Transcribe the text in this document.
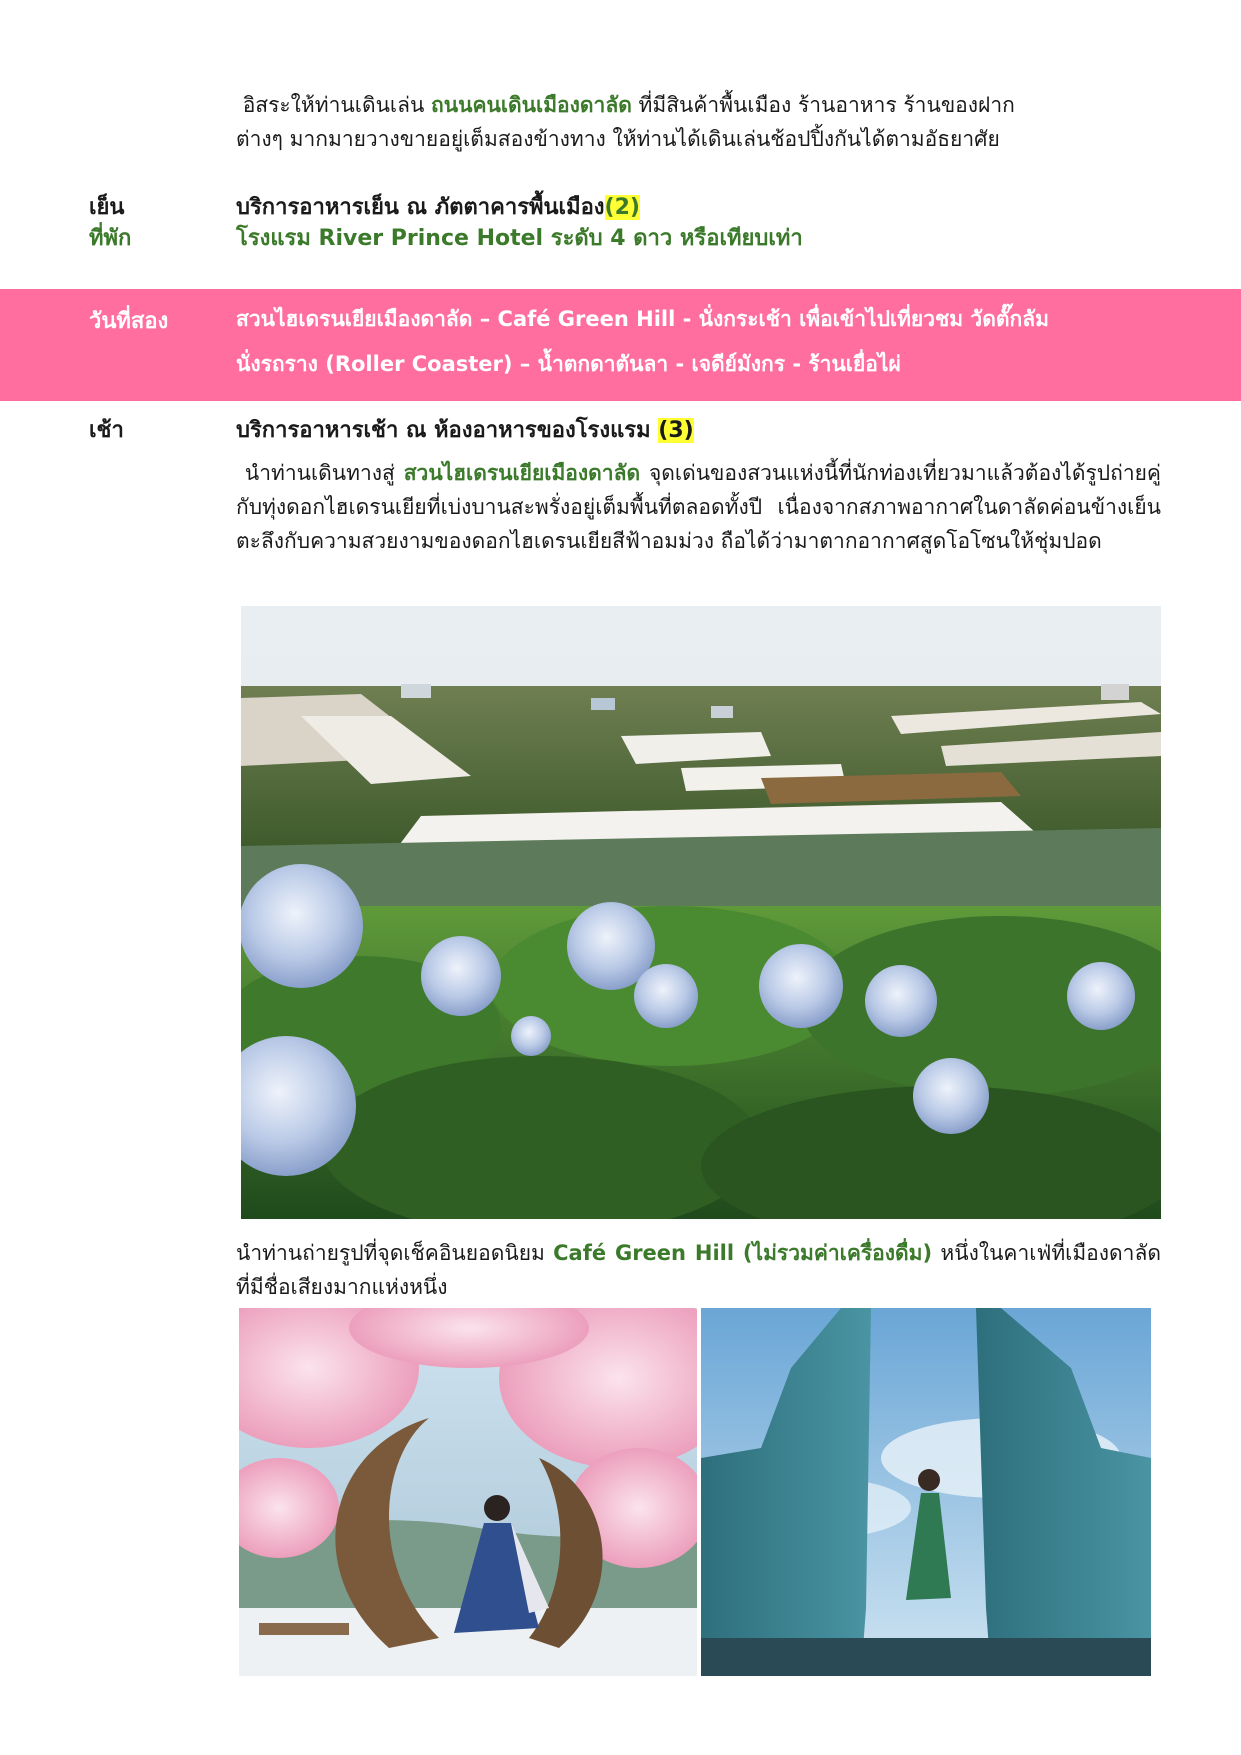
อิสระให้ท่านเดินเล่น ถนนคนเดินเมืองดาลัด ที่มีสินค้าพื้นเมือง ร้านอาหาร ร้านของฝาก
ต่างๆ มากมายวางขายอยู่เต็มสองข้างทาง ให้ท่านได้เดินเล่นช้อปปิ้งกันได้ตามอัธยาศัย
เย็น	บริการอาหารเย็น ณ ภัตตาคารพื้นเมือง(2)
ที่พัก	โรงแรม River Prince Hotel ระดับ 4 ดาว หรือเทียบเท่า
วันที่สอง	สวนไฮเดรนเยียเมืองดาลัด – Café Green Hill - นั่งกระเช้า เพื่อเข้าไปเที่ยวชม วัดตั๊กลัม
นั่งรถราง (Roller Coaster) – น้ำตกดาตันลา - เจดีย์มังกร - ร้านเยื่อไผ่
เช้า	บริการอาหารเช้า ณ ห้องอาหารของโรงแรม (3)
นำท่านเดินทางสู่ สวนไฮเดรนเยียเมืองดาลัด จุดเด่นของสวนแห่งนี้ที่นักท่องเที่ยวมาแล้วต้องได้รูปถ่ายคู่กับทุ่งดอกไฮเดรนเยียที่เบ่งบานสะพรั่งอยู่เต็มพื้นที่ตลอดทั้งปี เนื่องจากสภาพอากาศในดาลัดค่อนข้างเย็น ตะลึงกับความสวยงามของดอกไฮเดรนเยียสีฟ้าอมม่วง ถือได้ว่ามาตากอากาศสูดโอโซนให้ชุ่มปอด
นำท่านถ่ายรูปที่จุดเช็คอินยอดนิยม Café Green Hill (ไม่รวมค่าเครื่องดื่ม) หนึ่งในคาเฟ่ที่เมืองดาลัด ที่มีชื่อเสียงมากแห่งหนึ่ง
